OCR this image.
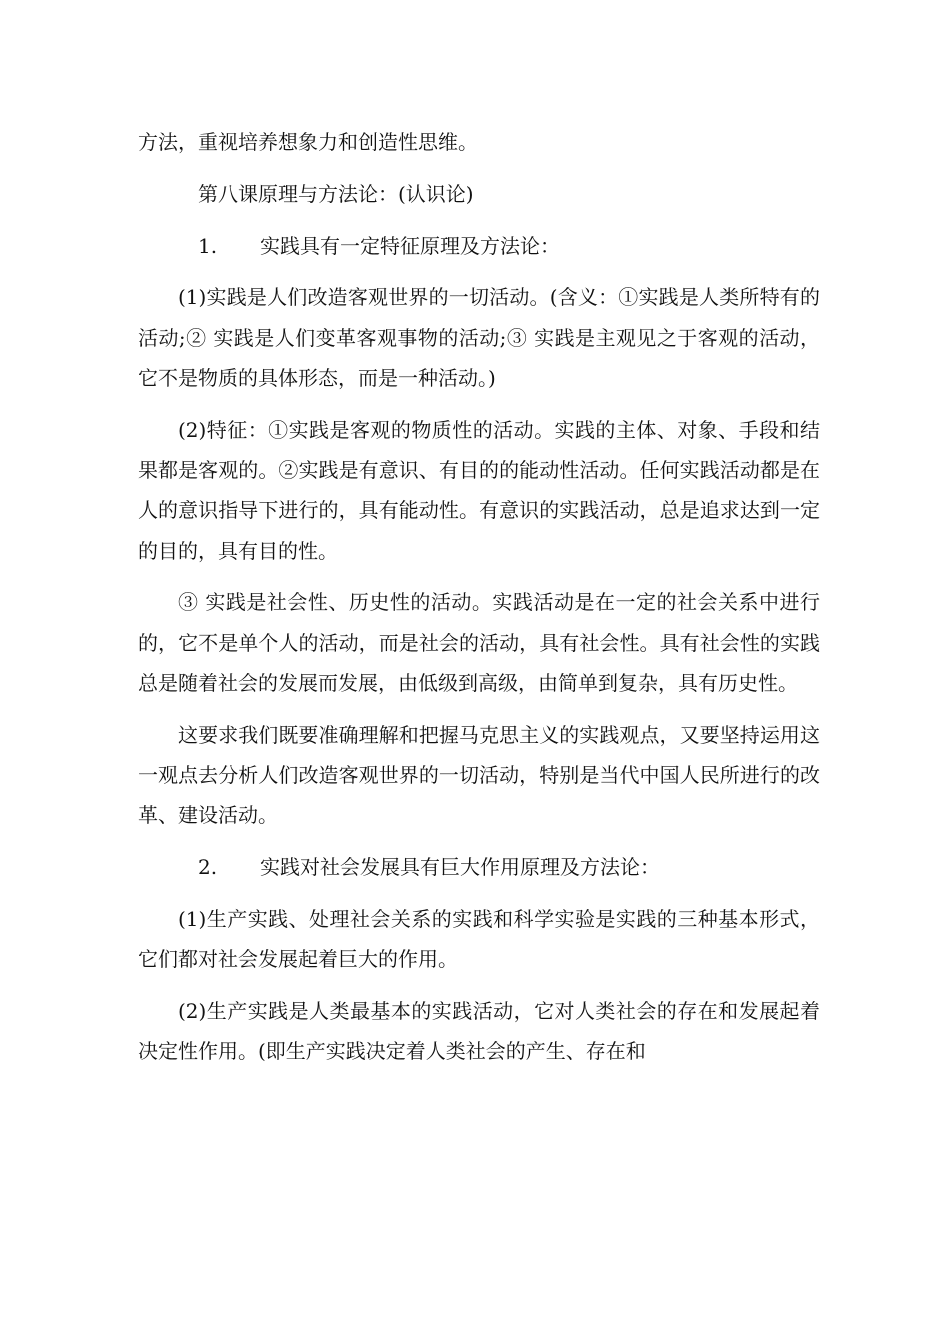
方法，重视培养想象力和创造性思维。

第八课原理与方法论：(认识论)

1. 实践具有一定特征原理及方法论：

(1)实践是人们改造客观世界的一切活动。(含义：①实践是人类所特有的活动;② 实践是人们变革客观事物的活动;③ 实践是主观见之于客观的活动，它不是物质的具体形态，而是一种活动。)

(2)特征：①实践是客观的物质性的活动。实践的主体、对象、手段和结果都是客观的。②实践是有意识、有目的的能动性活动。任何实践活动都是在人的意识指导下进行的，具有能动性。有意识的实践活动，总是追求达到一定的目的，具有目的性。

③ 实践是社会性、历史性的活动。实践活动是在一定的社会关系中进行的，它不是单个人的活动，而是社会的活动，具有社会性。具有社会性的实践总是随着社会的发展而发展，由低级到高级，由简单到复杂，具有历史性。

这要求我们既要准确理解和把握马克思主义的实践观点，又要坚持运用这一观点去分析人们改造客观世界的一切活动，特别是当代中国人民所进行的改革、建设活动。

2. 实践对社会发展具有巨大作用原理及方法论：

(1)生产实践、处理社会关系的实践和科学实验是实践的三种基本形式，它们都对社会发展起着巨大的作用。

(2)生产实践是人类最基本的实践活动，它对人类社会的存在和发展起着决定性作用。(即生产实践决定着人类社会的产生、存在和
